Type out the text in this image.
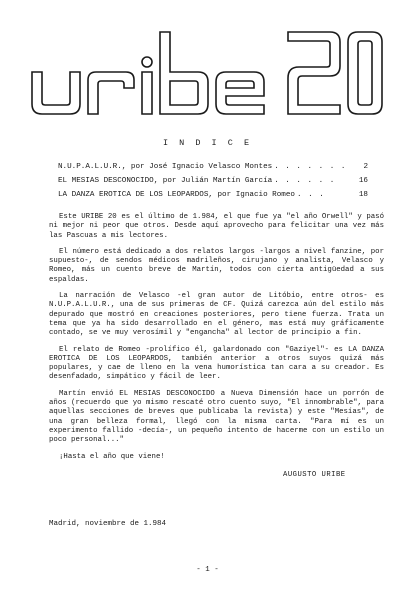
I N D I C E
N.U.P.A.L.U.R., por José Ignacio Velasco Montes . . . . . . .	2
EL MESIAS DESCONOCIDO, por Julián Martín García . . . . . .	16
LA DANZA EROTICA DE LOS LEOPARDOS, por Ignacio Romeo . . .	18

Este URIBE 20 es el último de 1.984, el que fue ya "el año Orwell" y pasó ni mejor ni peor que otros. Desde aquí aprovecho para felicitar una vez más las Pascuas a mis lectores.

El número está dedicado a dos relatos largos -largos a nivel fanzine, por supuesto-, de sendos médicos madrileños, cirujano y analista, Velasco y Romeo, más un cuento breve de Martín, todos con cierta antigüedad a sus espaldas.

La narración de Velasco -el gran autor de Litóbio, entre otros- es N.U.P.A.L.U.R., una de sus primeras de CF. Quizá carezca aún del estilo más depurado que mostró en creaciones posteriores, pero tiene fuerza. Trata un tema que ya ha sido desarrollado en el género, mas está muy gráficamente contado, se ve muy verosímil y "engancha" al lector de principio a fin.

El relato de Romeo -prolífico él, galardonado con "Gaziyel"- es LA DANZA EROTICA DE LOS LEOPARDOS, también anterior a otros suyos quizá más populares, y cae de lleno en la vena humorística tan cara a su creador. Es desenfadado, simpático y fácil de leer.

Martín envió EL MESIAS DESCONOCIDO a Nueva Dimensión hace un porrón de años (recuerdo que yo mismo rescaté otro cuento suyo, "El innombrable", para aquellas secciones de breves que publicaba la revista) y este "Mesías", de una gran belleza formal, llegó con la misma carta. "Para mí es un experimento fallido -decía-, un pequeño intento de hacerme con un estilo un poco personal..."

¡Hasta el año que viene!

AUGUSTO URIBE
Madrid, noviembre de 1.984
- 1 -
